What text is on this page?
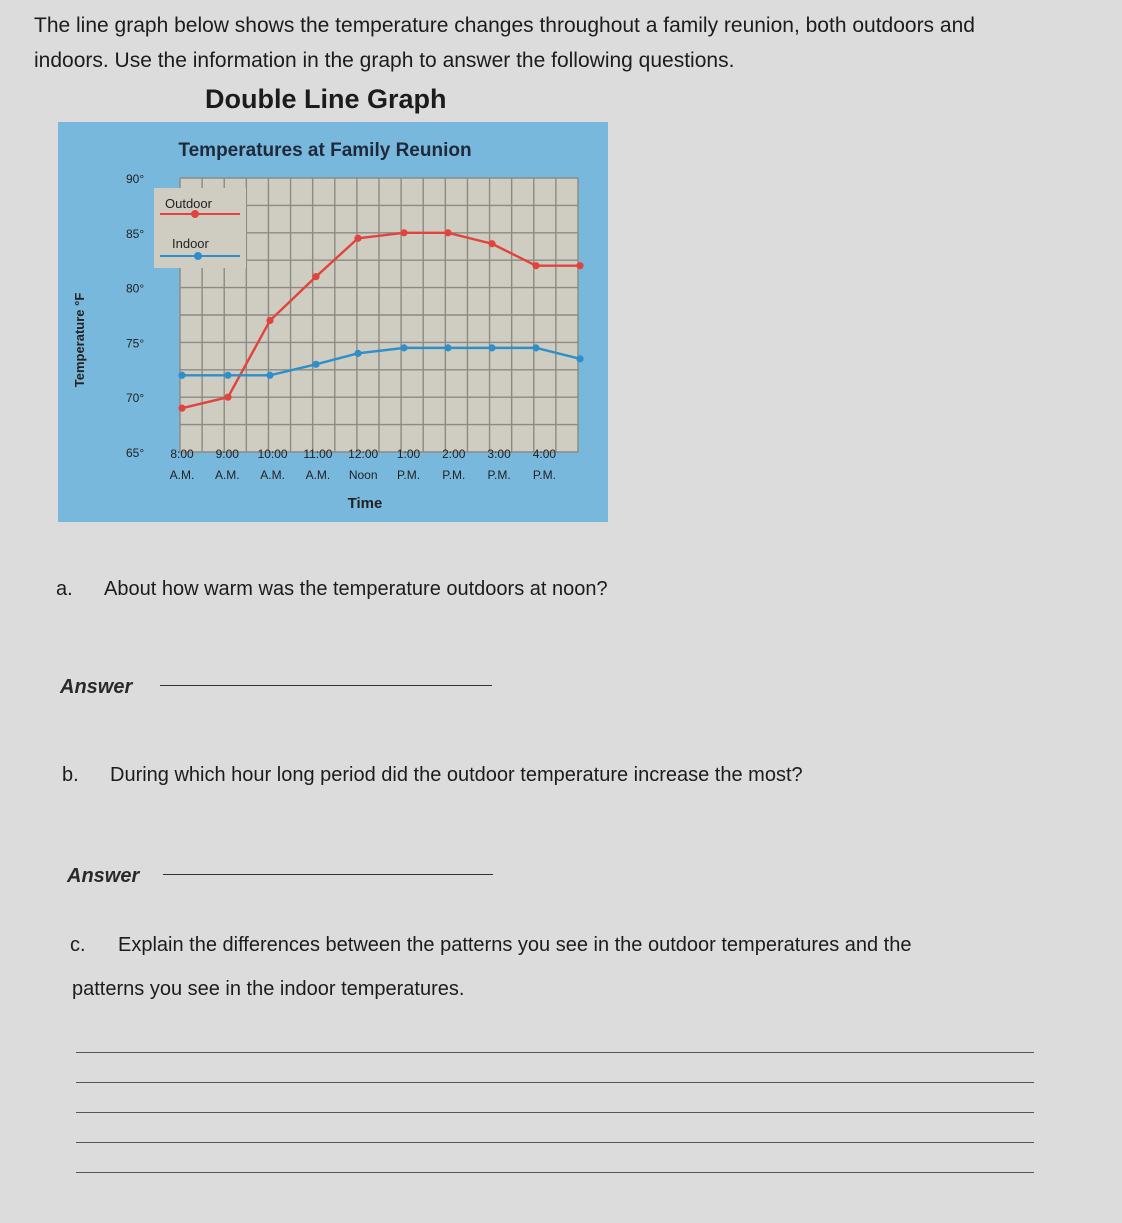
The line graph below shows the temperature changes throughout a family reunion, both outdoors and indoors. Use the information in the graph to answer the following questions.

Double Line Graph

Temperatures at Family Reunion
90°
85°
80°
75°
70°
65°
Temperature °F
8:00
A.M.
9:00
A.M.
10:00
A.M.
11:00
A.M.
12:00
Noon
1:00
P.M.
2:00
P.M.
3:00
P.M.
4:00
P.M.
Time
Outdoor
Indoor

a. About how warm was the temperature outdoors at noon?

Answer

b. During which hour long period did the outdoor temperature increase the most?

Answer

c. Explain the differences between the patterns you see in the outdoor temperatures and the

patterns you see in the indoor temperatures.
